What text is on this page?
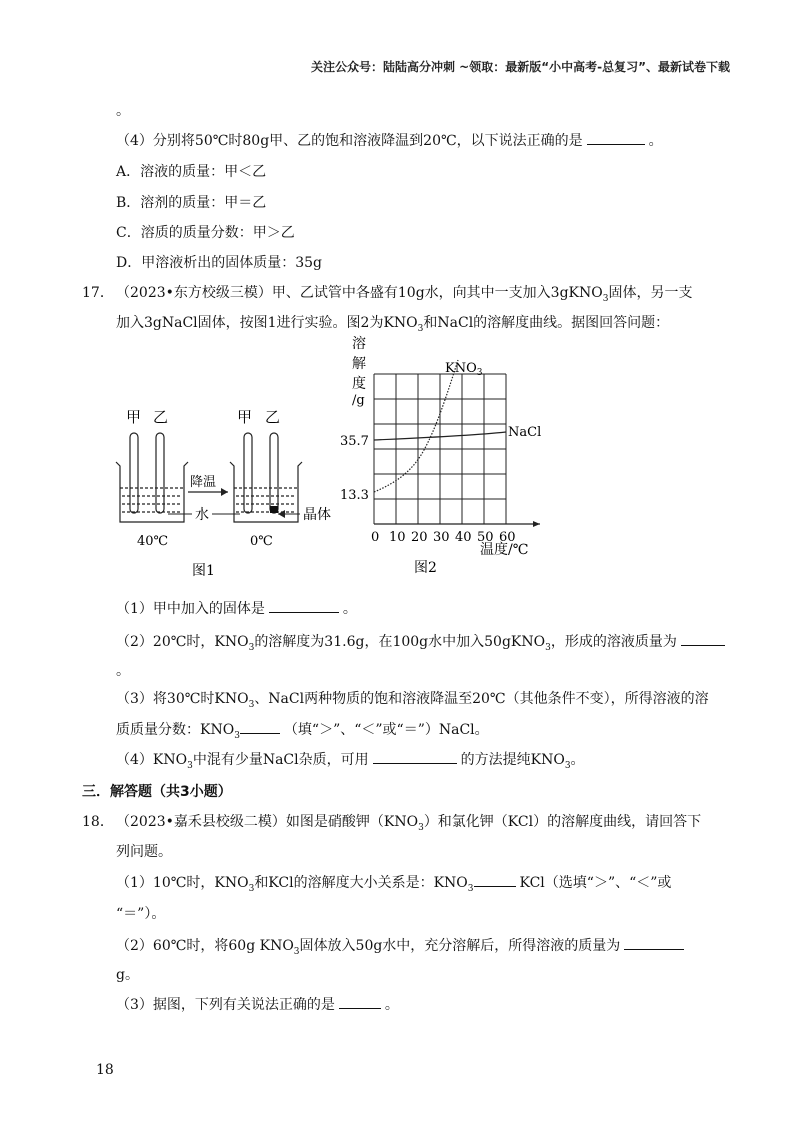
关注公众号：陆陆高分冲刺 ~领取：最新版“小中高考-总复习”、最新试卷下载
。
（4）分别将50℃时80g甲、乙的饱和溶液降温到20℃，以下说法正确的是	。
A．溶液的质量：甲＜乙
B．溶剂的质量：甲＝乙
C．溶质的质量分数：甲＞乙
D．甲溶液析出的固体质量：35g
17． （2023•东方校级三模）甲、乙试管中各盛有10g水，向其中一支加入3gKNO$_3$固体，另一支
加入3gNaCl固体，按图1进行实验。图2为$KNO_3$和NaCl的溶解度曲线。据图回答问题：
甲 乙	甲 乙
降温
水	晶体
40℃	0℃
图1
溶
解
度
/g
$KNO_3$
NaCl
35.7
13.3
0 10 20 30 40 50 60
温度/℃
图2
（1）甲中加入的固体是	。
（2）20℃时，$KNO_3$的溶解度为31.6g，在100g水中加入50gKNO$_3$，形成的溶液质量为
。
（3）将30℃时$KNO_3$、NaCl两种物质的饱和溶液降温至20℃（其他条件不变），所得溶液的溶
质质量分数：$KNO_3$	（填“＞”、“＜”或“＝”）NaCl。
$(4)KNO_3$中混有少量NaCl杂质，可用	的方法提纯$KNO_3$。
三．解答题（共3小题）
18． （2023•嘉禾县校级二模）如图是硝酸钾$(KNO_3)$和氯化钾（KCl）的溶解度曲线，请回答下
列问题。
（1）10℃时，$KNO_3$和KCl的溶解度大小关系是：$KNO_3$	KCl（选填“＞”、“＜”或
“＝”）。
（2）60℃时，将60g $KNO_3$固体放入50g水中，充分溶解后，所得溶液的质量为
g。
（3）据图，下列有关说法正确的是	。
18
